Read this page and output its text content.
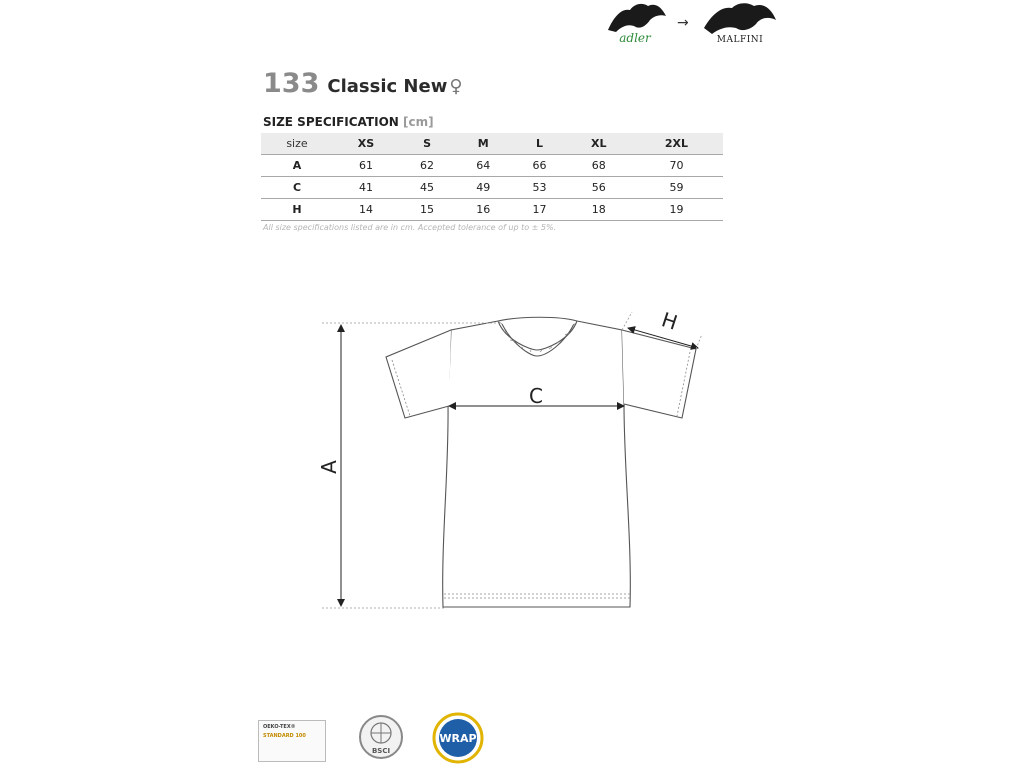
adler
→
MALFINI
133 Classic New ♀
SIZE SPECIFICATION [cm]
size	XS	S	M	L	XL	2XL
A	61	62	64	66	68	70
C	41	45	49	53	56	59
H	14	15	16	17	18	19
All size specifications listed are in cm. Accepted tolerance of up to ± 5%.
A
C
H
OEKO-TEX®
STANDARD 100
BSCI
WRAP
